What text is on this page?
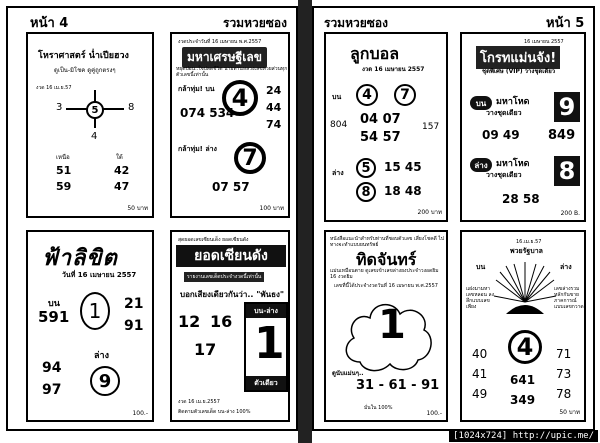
หน้า 4	รวมหวยซอง
โหราศาสตร์ น่ำเปียฮวง
ดูเป็น-มิโชค ดูคู่ถูกตรงๆ
งวด 16 เม.ย.57
5
3	8
4
เหนือ	ใต้
51
59
42
47
50 บาท
งวดประจำวันที่ 16 เมษายน พ.ศ.2557
มหาเศรษฐีเลข
หยุดปอน..ใจปลดชีวิต นายทานหลวงเลขทวยส่วนทุกตัวเลขนี้เท่านั้น
กล้าทุ่ม! บน 4
074 534
24
44
74
กล้าทุ่ม! ล่าง	7
07 57
100 บาท
ฟ้าลิขิต
วันที่ 16 เมษายน 2557
บน
591 1	21
91
ล่าง
94
97	9
100.-
สุดยอดเลขเซียนเด็ง ยอดเซียนดัง
ยอดเซียนดัง
รายงานเลขเด็ดประจำงวดนี้เท่านั้น
บอกเสียงเดียวกันว่า.. "พันธง"
12 16
17
บน-ล่าง
1
ตัวเดียว
งวด 16 เม.ย.2557
ติดตามตัวเลขเด็ด บน-ล่าง 100%
รวมหวยซอง	หน้า 5
ลูกบอล
งวด 16 เมษายน 2557
บน	4	7
804 04 07
54 57
157
ล่าง	5	15 45
8	18 48
200 บาท
16 เมษายน 2557
โกรทแม่นจัง!
ชุดพิเศษ (VIP) วางชุดเดียว
บน	มหาโหด
วางชุดเดียว 9
09 49 849
ล่าง มหาโหด
วางชุดเดียว 8
28 58
200 B.
หนังสือแนะนำสำหรับท่านที่ชอบตัวเลข เสี่ยงโชคดี ไปทางจะทำแบบยนทรัพย์
ทิดจันทร์
แม่นเหมือนตาย ดูเลขเข้าเลขล่างยงประจำวงอดยิม 16 งวดยิม
เลขที่นี้ได้ประจำงวดวันที่ 16 เมษายน พ.ศ.2557
1
ดูนับแม่นๆ..
31 - 61 - 91
มั่นใน 100%
100.-
16.เม.ย.57
พวยรัฐบาล
บน	ล่าง
แฝงมามหาเลขหลอน ลงลึกแบบเลขเพียง
เลขล่างรวมหลักกันขาย ภาคการณ์แบบเลขกวาด
4
40
41
49
641
349
71
73
78
50 บาท
[1024x724] http://upic.me/
